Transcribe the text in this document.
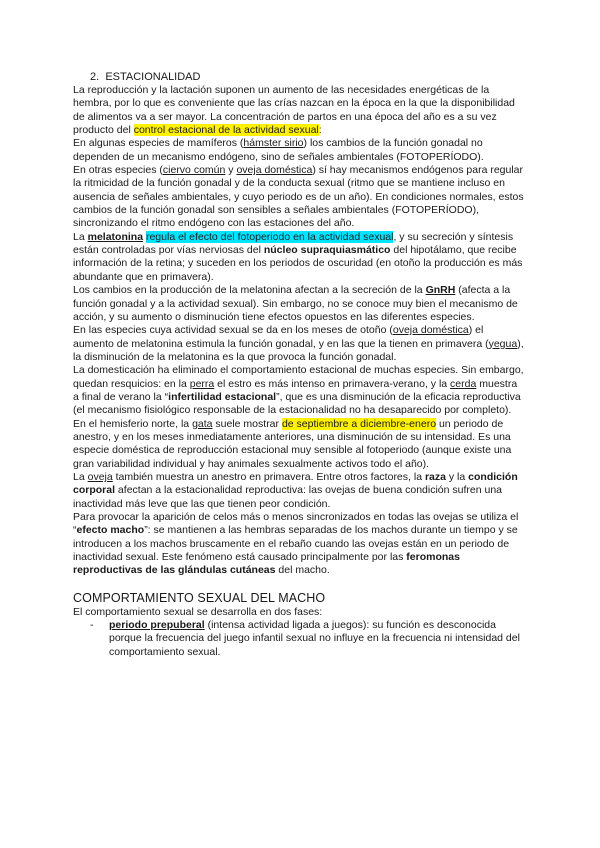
2. ESTACIONALIDAD

La reproducción y la lactación suponen un aumento de las necesidades energéticas de la hembra, por lo que es conveniente que las crías nazcan en la época en la que la disponibilidad de alimentos va a ser mayor. La concentración de partos en una época del año es a su vez producto del control estacional de la actividad sexual:

En algunas especies de mamíferos (hámster sirio) los cambios de la función gonadal no dependen de un mecanismo endógeno, sino de señales ambientales (FOTOPERÍODO).

En otras especies (ciervo común y oveja doméstica) sí hay mecanismos endógenos para regular la ritmicidad de la función gonadal y de la conducta sexual (ritmo que se mantiene incluso en ausencia de señales ambientales, y cuyo periodo es de un año). En condiciones normales, estos cambios de la función gonadal son sensibles a señales ambientales (FOTOPERÍODO), sincronizando el ritmo endógeno con las estaciones del año.

La melatonina regula el efecto del fotoperiodo en la actividad sexual, y su secreción y síntesis están controladas por vías nerviosas del núcleo supraquiasmático del hipotálamo, que recibe información de la retina; y suceden en los periodos de oscuridad (en otoño la producción es más abundante que en primavera).

Los cambios en la producción de la melatonina afectan a la secreción de la GnRH (afecta a la función gonadal y a la actividad sexual). Sin embargo, no se conoce muy bien el mecanismo de acción, y su aumento o disminución tiene efectos opuestos en las diferentes especies.

En las especies cuya actividad sexual se da en los meses de otoño (oveja doméstica) el aumento de melatonina estimula la función gonadal, y en las que la tienen en primavera (yegua), la disminución de la melatonina es la que provoca la función gonadal.

La domesticación ha eliminado el comportamiento estacional de muchas especies. Sin embargo, quedan resquicios: en la perra el estro es más intenso en primavera-verano, y la cerda muestra a final de verano la “infertilidad estacional”, que es una disminución de la eficacia reproductiva (el mecanismo fisiológico responsable de la estacionalidad no ha desaparecido por completo).

En el hemisferio norte, la gata suele mostrar de septiembre a diciembre-enero un periodo de anestro, y en los meses inmediatamente anteriores, una disminución de su intensidad. Es una especie doméstica de reproducción estacional muy sensible al fotoperiodo (aunque existe una gran variabilidad individual y hay animales sexualmente activos todo el año).

La oveja también muestra un anestro en primavera. Entre otros factores, la raza y la condición corporal afectan a la estacionalidad reproductiva: las ovejas de buena condición sufren una inactividad más leve que las que tienen peor condición.

Para provocar la aparición de celos más o menos sincronizados en todas las ovejas se utiliza el “efecto macho”: se mantienen a las hembras separadas de los machos durante un tiempo y se introducen a los machos bruscamente en el rebaño cuando las ovejas están en un periodo de inactividad sexual. Este fenómeno está causado principalmente por las feromonas reproductivas de las glándulas cutáneas del macho.

COMPORTAMIENTO SEXUAL DEL MACHO

El comportamiento sexual se desarrolla en dos fases:

- periodo prepuberal (intensa actividad ligada a juegos): su función es desconocida porque la frecuencia del juego infantil sexual no influye en la frecuencia ni intensidad del comportamiento sexual.
